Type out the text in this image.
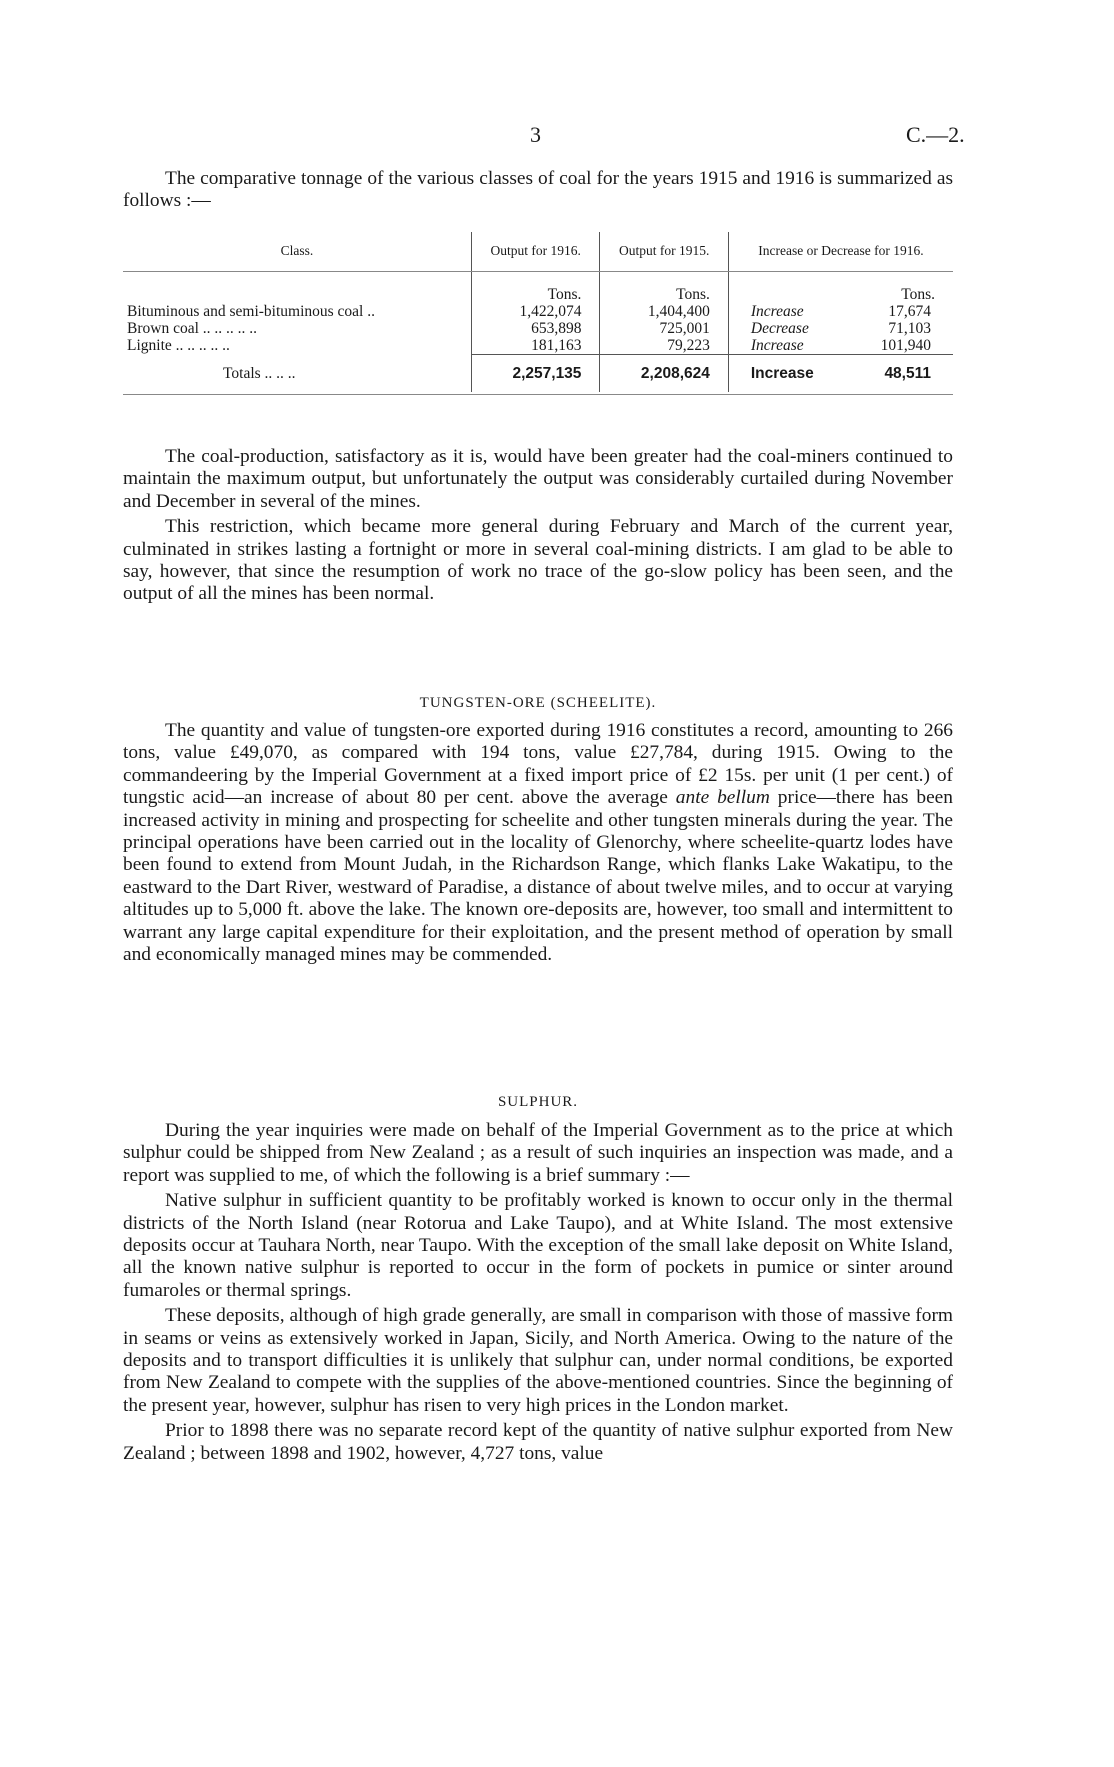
3	C.—2.

The comparative tonnage of the various classes of coal for the years 1915 and 1916 is summarized as follows :—

Class.	Output for 1916.	Output for 1915.	Increase or Decrease for 1916.
	Tons.	Tons.	Tons.
Bituminous and semi-bituminous coal ..	1,422,074	1,404,400	Increase 17,674

Brown coal .. .. .. .. ..	653,898	725,001	Decrease 71,103

Lignite .. .. .. .. ..	181,163	79,223	Increase 101,940

Totals .. .. ..	2,257,135	2,208,624	Increase 48,511

The coal-production, satisfactory as it is, would have been greater had the coal-miners continued to maintain the maximum output, but unfortunately the output was considerably curtailed during November and December in several of the mines.

This restriction, which became more general during February and March of the current year, culminated in strikes lasting a fortnight or more in several coal-mining districts. I am glad to be able to say, however, that since the resumption of work no trace of the go-slow policy has been seen, and the output of all the mines has been normal.

TUNGSTEN-ORE (SCHEELITE).

The quantity and value of tungsten-ore exported during 1916 constitutes a record, amounting to 266 tons, value £49,070, as compared with 194 tons, value £27,784, during 1915. Owing to the commandeering by the Imperial Government at a fixed import price of £2 15s. per unit (1 per cent.) of tungstic acid—an increase of about 80 per cent. above the average ante bellum price—there has been increased activity in mining and prospecting for scheelite and other tungsten minerals during the year. The principal operations have been carried out in the locality of Glenorchy, where scheelite-quartz lodes have been found to extend from Mount Judah, in the Richardson Range, which flanks Lake Wakatipu, to the eastward to the Dart River, westward of Paradise, a distance of about twelve miles, and to occur at varying altitudes up to 5,000 ft. above the lake. The known ore-deposits are, however, too small and intermittent to warrant any large capital expenditure for their exploitation, and the present method of operation by small and economically managed mines may be commended.

SULPHUR.

During the year inquiries were made on behalf of the Imperial Government as to the price at which sulphur could be shipped from New Zealand ; as a result of such inquiries an inspection was made, and a report was supplied to me, of which the following is a brief summary :—

Native sulphur in sufficient quantity to be profitably worked is known to occur only in the thermal districts of the North Island (near Rotorua and Lake Taupo), and at White Island. The most extensive deposits occur at Tauhara North, near Taupo. With the exception of the small lake deposit on White Island, all the known native sulphur is reported to occur in the form of pockets in pumice or sinter around fumaroles or thermal springs.

These deposits, although of high grade generally, are small in comparison with those of massive form in seams or veins as extensively worked in Japan, Sicily, and North America. Owing to the nature of the deposits and to transport difficulties it is unlikely that sulphur can, under normal conditions, be exported from New Zealand to compete with the supplies of the above-mentioned countries. Since the beginning of the present year, however, sulphur has risen to very high prices in the London market.

Prior to 1898 there was no separate record kept of the quantity of native sulphur exported from New Zealand ; between 1898 and 1902, however, 4,727 tons, value
